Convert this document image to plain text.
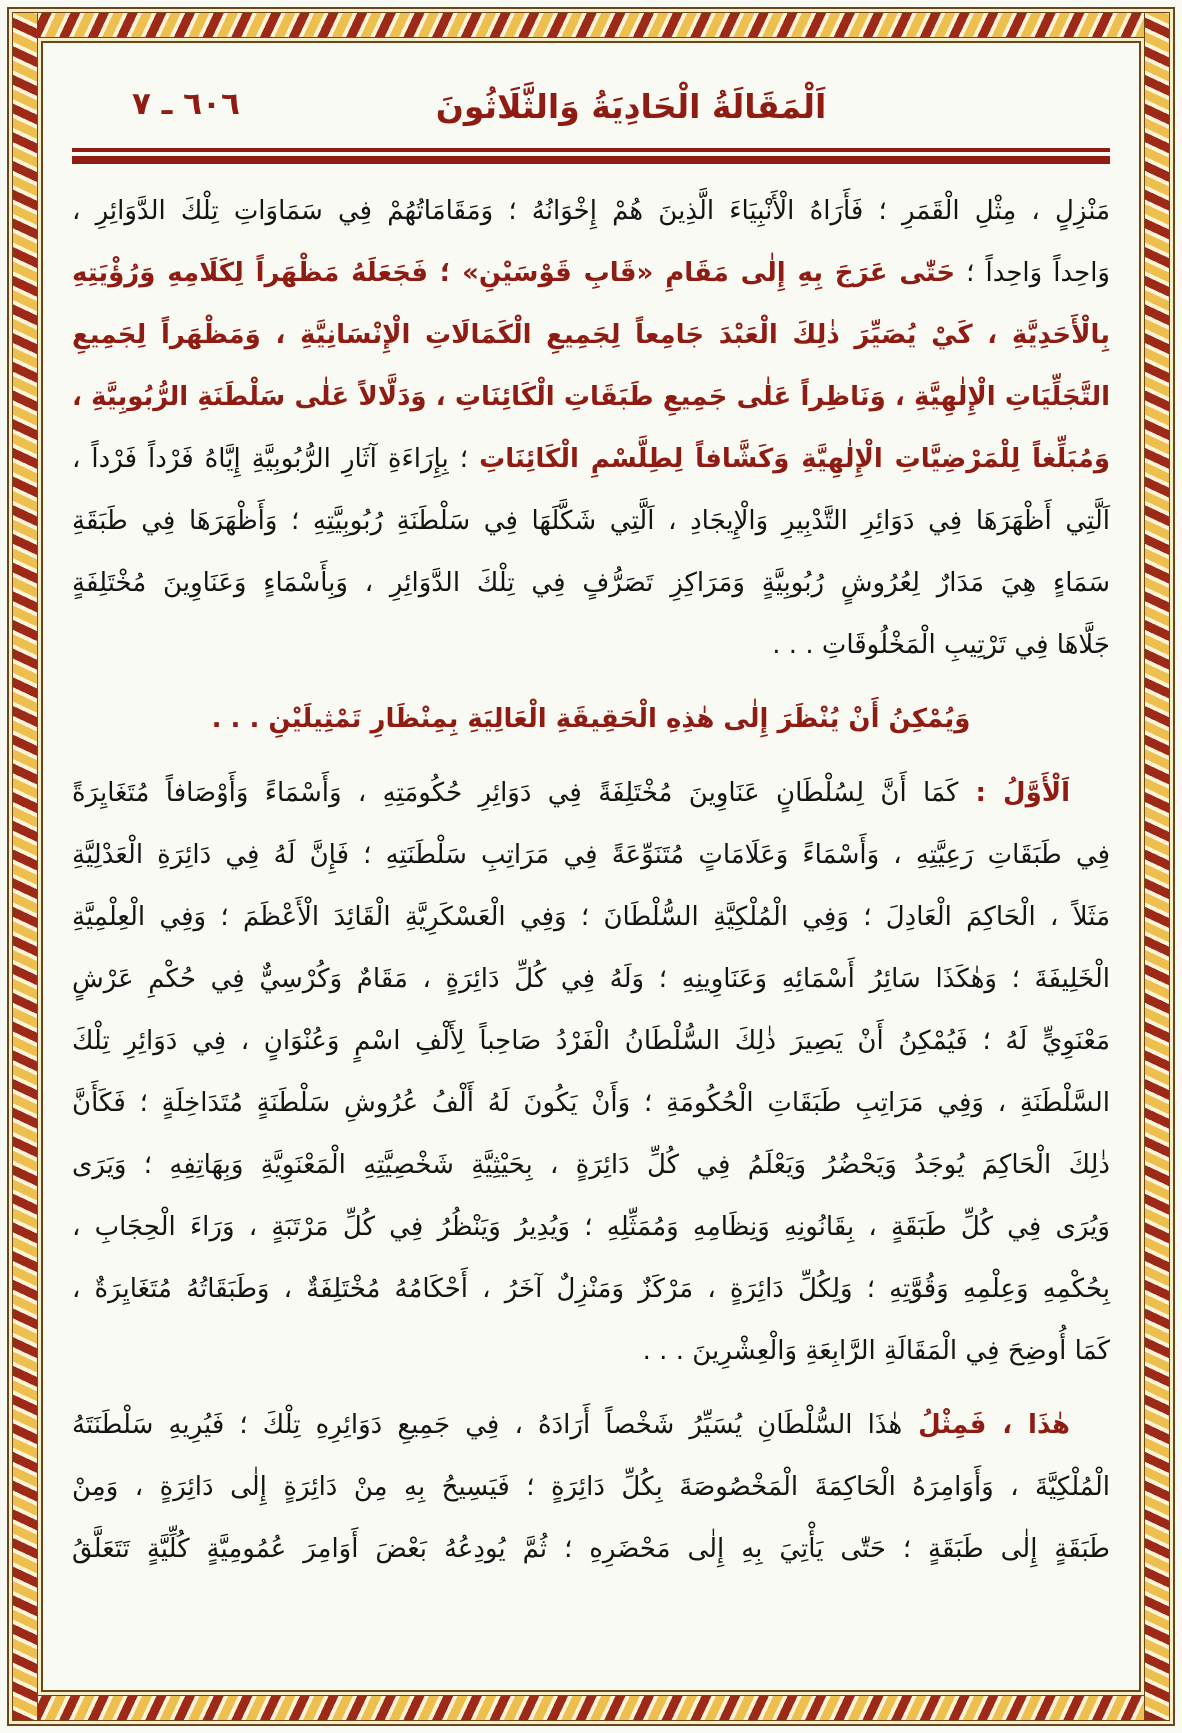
٦٠٦ ـ ٧	اَلْمَقَالَةُ الْحَادِيَةُ وَالثَّلَاثُونَ
مَنْزِلٍ ، مِثْلِ الْقَمَرِ ؛ فَأَرَاهُ الْأَنْبِيَاءَ الَّذِينَ هُمْ إِخْوَانُهُ ؛ وَمَقَامَاتُهُمْ فِي سَمَاوَاتِ تِلْكَ الدَّوَائِرِ ،
وَاحِداً وَاحِداً ؛ حَتّٰى عَرَجَ بِهِ إِلٰى مَقَامِ «قَابِ قَوْسَيْنِ» ؛ فَجَعَلَهُ مَظْهَراً لِكَلَامِهِ وَرُؤْيَتِهِ
بِالْأَحَدِيَّةِ ، كَيْ يُصَيِّرَ ذٰلِكَ الْعَبْدَ جَامِعاً لِجَمِيعِ الْكَمَالَاتِ الْإِنْسَانِيَّةِ ، وَمَظْهَراً لِجَمِيعِ
التَّجَلِّيَاتِ الْإِلٰهِيَّةِ ، وَنَاظِراً عَلٰى جَمِيعِ طَبَقَاتِ الْكَائِنَاتِ ، وَدَلَّالاً عَلٰى سَلْطَنَةِ الرُّبُوبِيَّةِ ،
وَمُبَلِّغاً لِلْمَرْضِيَّاتِ الْإِلٰهِيَّةِ وَكَشَّافاً لِطِلَّسْمِ الْكَائِنَاتِ ؛ بِإِرَاءَةِ آثَارِ الرُّبُوبِيَّةِ إِيَّاهُ فَرْداً فَرْداً ،
اَلَّتِي أَظْهَرَهَا فِي دَوَائِرِ التَّدْبِيرِ وَالْإِيجَادِ ، اَلَّتِي شَكَّلَهَا فِي سَلْطَنَةِ رُبُوبِيَّتِهِ ؛ وَأَظْهَرَهَا فِي طَبَقَةِ
سَمَاءٍ هِيَ مَدَارٌ لِعُرُوشٍ رُبُوبِيَّةٍ وَمَرَاكِزِ تَصَرُّفٍ فِي تِلْكَ الدَّوَائِرِ ، وَبِأَسْمَاءٍ وَعَنَاوِينَ مُخْتَلِفَةٍ
جَلَّاهَا فِي تَرْتِيبِ الْمَخْلُوقَاتِ . . .
وَيُمْكِنُ أَنْ يُنْظَرَ إِلٰى هٰذِهِ الْحَقِيقَةِ الْعَالِيَةِ بِمِنْظَارِ تَمْثِيلَيْنِ . . .
اَلْأَوَّلُ : كَمَا أَنَّ لِسُلْطَانٍ عَنَاوِينَ مُخْتَلِفَةً فِي دَوَائِرِ حُكُومَتِهِ ، وَأَسْمَاءً وَأَوْصَافاً مُتَغَايِرَةً
فِي طَبَقَاتِ رَعِيَّتِهِ ، وَأَسْمَاءً وَعَلَامَاتٍ مُتَنَوِّعَةً فِي مَرَاتِبِ سَلْطَنَتِهِ ؛ فَإِنَّ لَهُ فِي دَائِرَةِ الْعَدْلِيَّةِ
مَثَلاً ، الْحَاكِمَ الْعَادِلَ ؛ وَفِي الْمُلْكِيَّةِ السُّلْطَانَ ؛ وَفِي الْعَسْكَرِيَّةِ الْقَائِدَ الْأَعْظَمَ ؛ وَفِي الْعِلْمِيَّةِ
الْخَلِيفَةَ ؛ وَهٰكَذَا سَائِرُ أَسْمَائِهِ وَعَنَاوِينِهِ ؛ وَلَهُ فِي كُلِّ دَائِرَةٍ ، مَقَامٌ وَكُرْسِيٌّ فِي حُكْمِ عَرْشٍ
مَعْنَوِيٍّ لَهُ ؛ فَيُمْكِنُ أَنْ يَصِيرَ ذٰلِكَ السُّلْطَانُ الْفَرْدُ صَاحِباً لِأَلْفِ اسْمٍ وَعُنْوَانٍ ، فِي دَوَائِرِ تِلْكَ
السَّلْطَنَةِ ، وَفِي مَرَاتِبِ طَبَقَاتِ الْحُكُومَةِ ؛ وَأَنْ يَكُونَ لَهُ أَلْفُ عُرُوشِ سَلْطَنَةٍ مُتَدَاخِلَةٍ ؛ فَكَأَنَّ
ذٰلِكَ الْحَاكِمَ يُوجَدُ وَيَحْضُرُ وَيَعْلَمُ فِي كُلِّ دَائِرَةٍ ، بِحَيْثِيَّةِ شَخْصِيَّتِهِ الْمَعْنَوِيَّةِ وَبِهَاتِفِهِ ؛ وَيَرَى
وَيُرَى فِي كُلِّ طَبَقَةٍ ، بِقَانُونِهِ وَنِظَامِهِ وَمُمَثِّلِهِ ؛ وَيُدِيرُ وَيَنْظُرُ فِي كُلِّ مَرْتَبَةٍ ، وَرَاءَ الْحِجَابِ ،
بِحُكْمِهِ وَعِلْمِهِ وَقُوَّتِهِ ؛ وَلِكُلِّ دَائِرَةٍ ، مَرْكَزٌ وَمَنْزِلٌ آخَرُ ، أَحْكَامُهُ مُخْتَلِفَةٌ ، وَطَبَقَاتُهُ مُتَغَايِرَةٌ ،
كَمَا أُوضِحَ فِي الْمَقَالَةِ الرَّابِعَةِ وَالْعِشْرِينَ . . .
هٰذَا ، فَمِثْلُ هٰذَا السُّلْطَانِ يُسَيِّرُ شَخْصاً أَرَادَهُ ، فِي جَمِيعِ دَوَائِرِهِ تِلْكَ ؛ فَيُرِيهِ سَلْطَنَتَهُ
الْمُلْكِيَّةَ ، وَأَوَامِرَهُ الْحَاكِمَةَ الْمَخْصُوصَةَ بِكُلِّ دَائِرَةٍ ؛ فَيَسِيحُ بِهِ مِنْ دَائِرَةٍ إِلٰى دَائِرَةٍ ، وَمِنْ
طَبَقَةٍ إِلٰى طَبَقَةٍ ؛ حَتّٰى يَأْتِيَ بِهِ إِلٰى مَحْضَرِهِ ؛ ثُمَّ يُودِعُهُ بَعْضَ أَوَامِرَ عُمُومِيَّةٍ كُلِّيَّةٍ تَتَعَلَّقُ
